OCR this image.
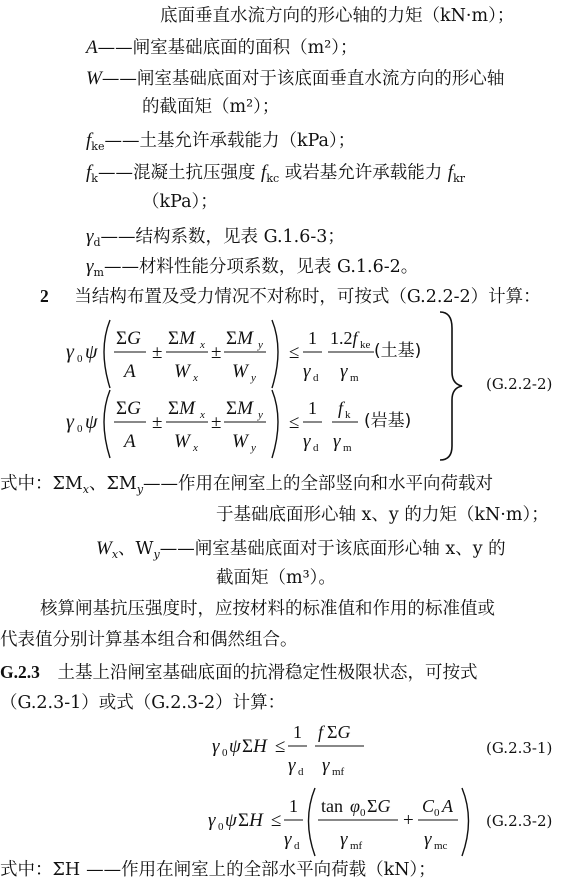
底面垂直水流方向的形心轴的力矩（kN·m）；
A——闸室基础底面的面积（m²）；
W——闸室基础底面对于该底面垂直水流方向的形心轴
的截面矩（m²）；
$f_{ke}——$土基允许承载能力（kPa）；
$f_k——$混凝土抗压强度 $f_{kc}$ 或岩基允许承载能力 $f_{kr}$
（kPa）；
$\gamma_d——$结构系数，见表 G.1.6-3；
$\gamma_m——$材料性能分项系数，见表 G.1.6-2。
2 当结构布置及受力情况不对称时，可按式（G.2.2-2）计算：
γ 0 ψ
ΣG
A
±
ΣM x
W x
±
ΣM y
W y
≤
1
γ d
1.2f ke
γ m
γ 0 ψ
ΣG
A
±
ΣM x
W x
±
ΣM y
W y
≤
1
γ d
f k
γ m
(土基)
(岩基)
(G.2.2-2)
式中：$\Sigma M_x$、$\Sigma M_y——$作用在闸室上的全部竖向和水平向荷载对
于基础底面形心轴 x、y 的力矩（kN·m）；
$W_x$、$W_y——$闸室基础底面对于该底面形心轴 x、y 的
截面矩（m³）。
核算闸基抗压强度时，应按材料的标准值和作用的标准值或
代表值分别计算基本组合和偶然组合。
G.2.3 土基上沿闸室基础底面的抗滑稳定性极限状态，可按式
（G.2.3-1）或式（G.2.3-2）计算：
γ 0 ψ ΣH ≤
1
γ d
f ΣG
γ mf
γ 0 ψ ΣH ≤
1
γ d
tan φ 0 ΣG
γ mf
+
C 0 A
γ mc
(G.2.3-1)
(G.2.3-2)
式中：ΣH ——作用在闸室上的全部水平向荷载（kN）；
